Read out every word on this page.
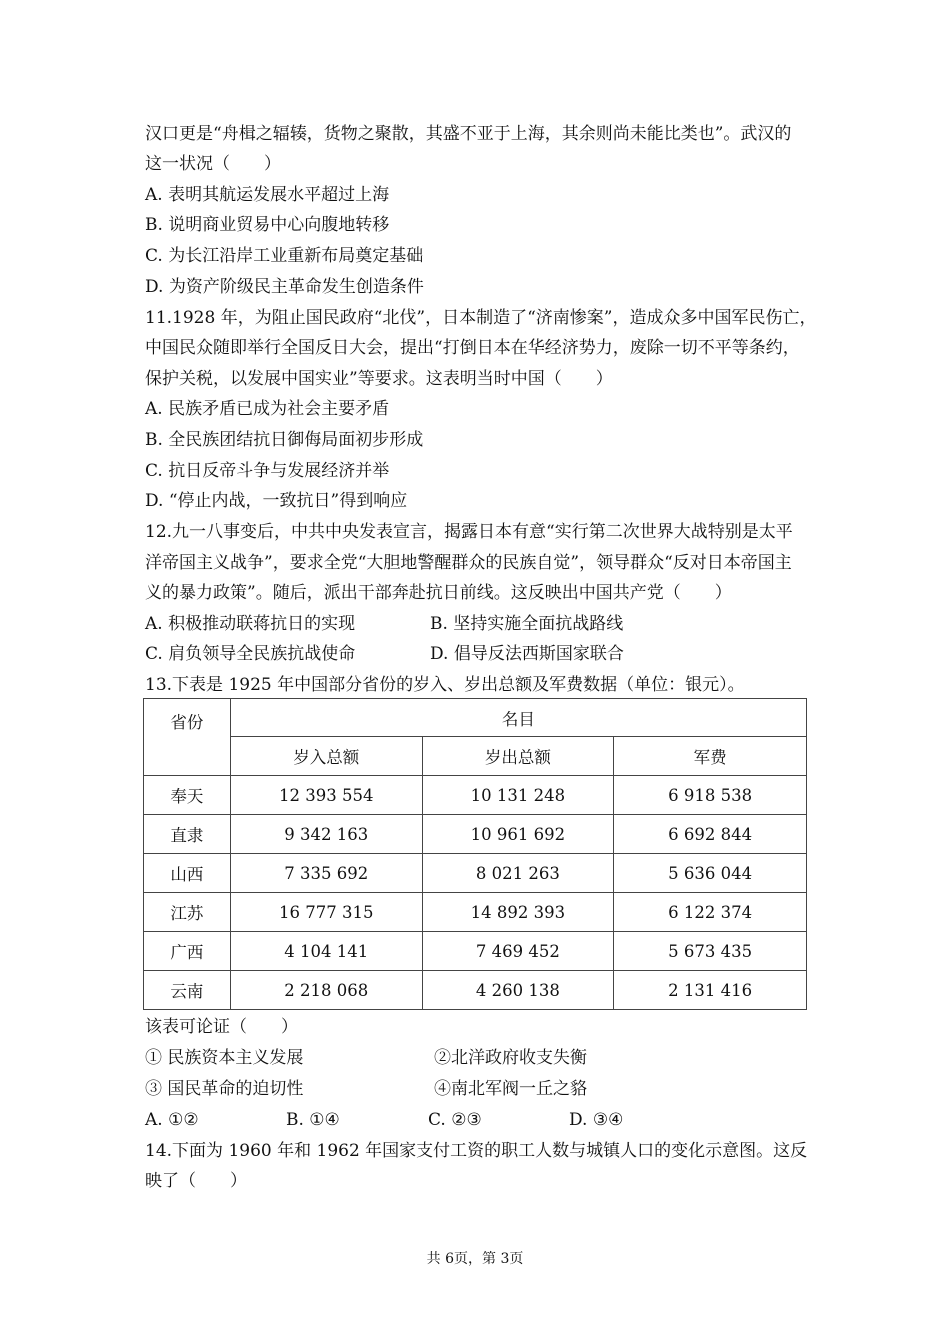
汉口更是“舟楫之辐辏，货物之聚散，其盛不亚于上海，其余则尚未能比类也”。武汉的
这一状况（　　）
A. 表明其航运发展水平超过上海
B. 说明商业贸易中心向腹地转移
C. 为长江沿岸工业重新布局奠定基础
D. 为资产阶级民主革命发生创造条件
11.1928 年，为阻止国民政府“北伐”，日本制造了“济南惨案”，造成众多中国军民伤亡，
中国民众随即举行全国反日大会，提出“打倒日本在华经济势力，废除一切不平等条约，
保护关税，以发展中国实业”等要求。这表明当时中国（　　）
A. 民族矛盾已成为社会主要矛盾
B. 全民族团结抗日御侮局面初步形成
C. 抗日反帝斗争与发展经济并举
D. “停止内战，一致抗日”得到响应
12.九一八事变后，中共中央发表宣言，揭露日本有意“实行第二次世界大战特别是太平
洋帝国主义战争”，要求全党“大胆地警醒群众的民族自觉”，领导群众“反对日本帝国主
义的暴力政策”。随后，派出干部奔赴抗日前线。这反映出中国共产党（　　）
A. 积极推动联蒋抗日的实现	B. 坚持实施全面抗战路线
C. 肩负领导全民族抗战使命	D. 倡导反法西斯国家联合
13.下表是 1925 年中国部分省份的岁入、岁出总额及军费数据（单位：银元）。
省份	名目		
	岁入总额	岁出总额	军费
奉天	12 393 554	10 131 248	6 918 538
直隶	9 342 163	10 961 692	6 692 844
山西	7 335 692	8 021 263	5 636 044
江苏	16 777 315	14 892 393	6 122 374
广西	4 104 141	7 469 452	5 673 435
云南	2 218 068	4 260 138	2 131 416
该表可论证（　　）
① 民族资本主义发展	②北洋政府收支失衡
③ 国民革命的迫切性	④南北军阀一丘之貉
A. ①②	B. ①④	C. ②③	D. ③④
14.下面为 1960 年和 1962 年国家支付工资的职工人数与城镇人口的变化示意图。这反
映了（　　）
共 6页，第 3页
